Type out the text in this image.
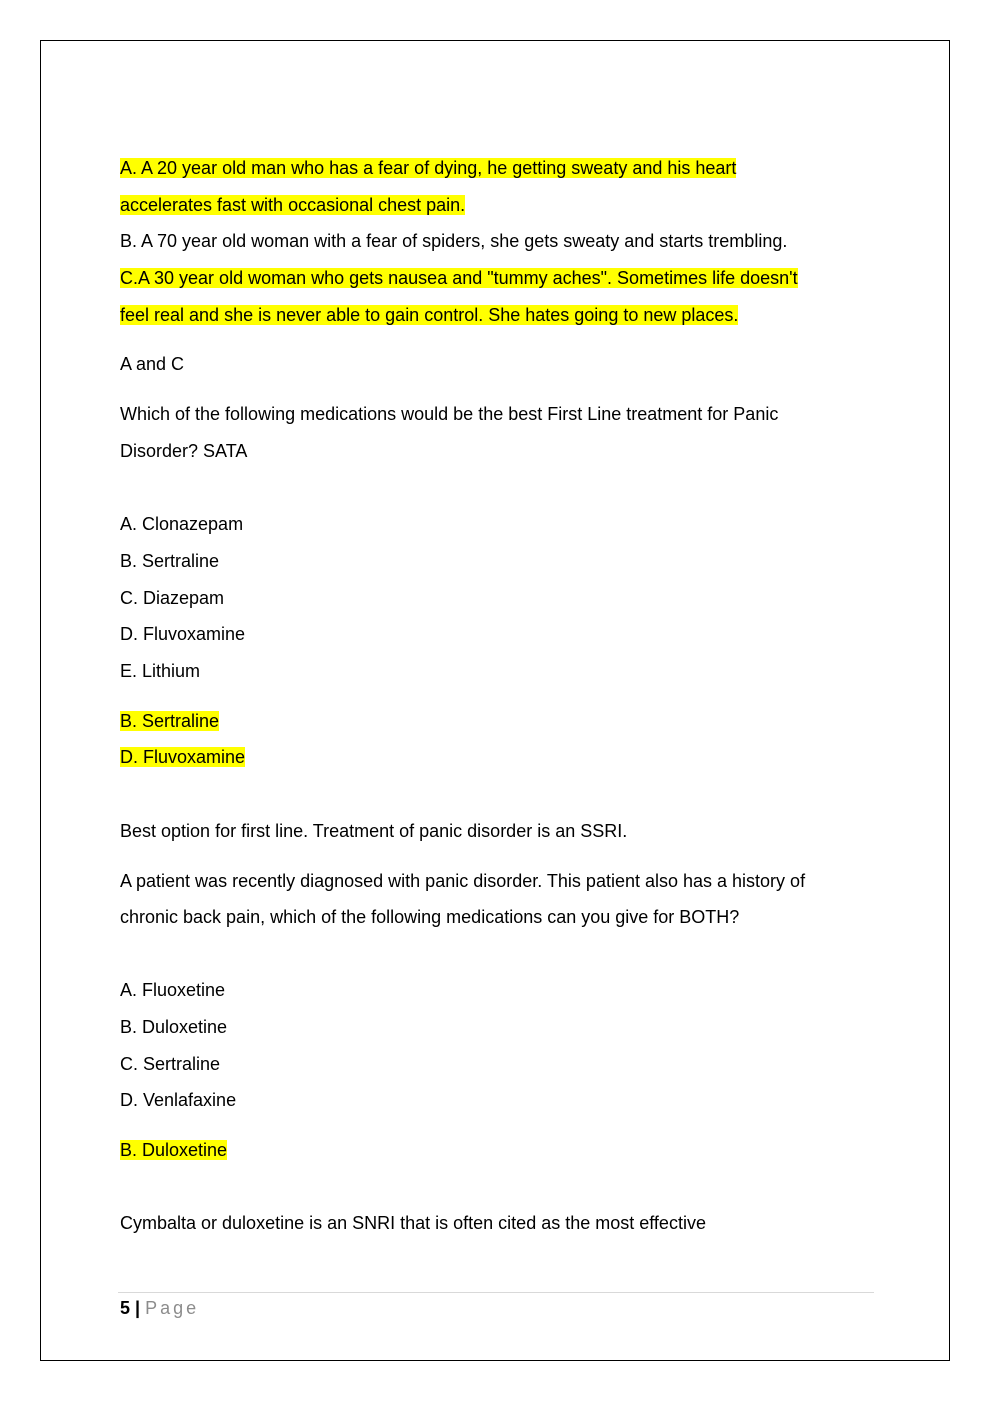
A. A 20 year old man who has a fear of dying, he getting sweaty and his heart
accelerates fast with occasional chest pain.
B. A 70 year old woman with a fear of spiders, she gets sweaty and starts trembling.
C.A 30 year old woman who gets nausea and "tummy aches". Sometimes life doesn't
feel real and she is never able to gain control. She hates going to new places.
A and C
Which of the following medications would be the best First Line treatment for Panic
Disorder? SATA
A. Clonazepam
B. Sertraline
C. Diazepam
D. Fluvoxamine
E. Lithium
B. Sertraline
D. Fluvoxamine
Best option for first line. Treatment of panic disorder is an SSRI.
A patient was recently diagnosed with panic disorder. This patient also has a history of
chronic back pain, which of the following medications can you give for BOTH?
A. Fluoxetine
B. Duloxetine
C. Sertraline
D. Venlafaxine
B. Duloxetine
Cymbalta or duloxetine is an SNRI that is often cited as the most effective
5 | Page
